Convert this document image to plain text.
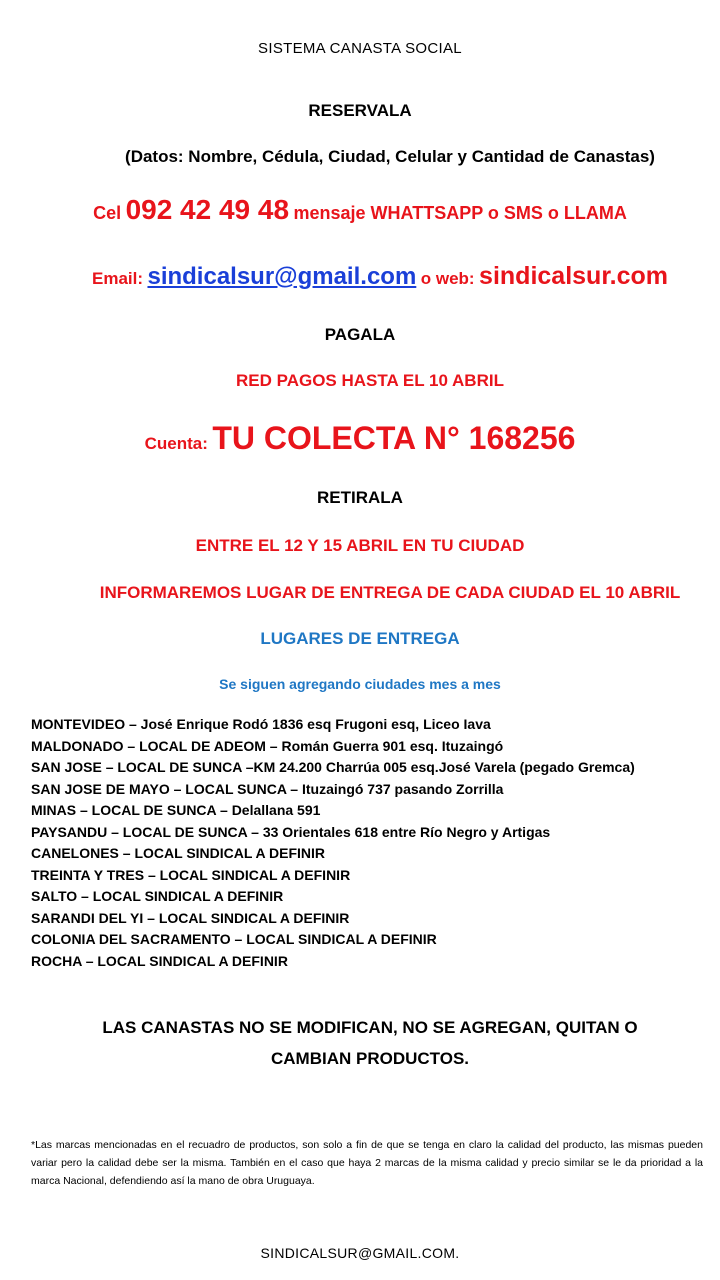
SISTEMA CANASTA SOCIAL
RESERVALA
(Datos: Nombre, Cédula, Ciudad, Celular y Cantidad de Canastas)
Cel 092 42 49 48 mensaje WHATTSAPP o SMS o LLAMA
Email: sindicalsur@gmail.com o web: sindicalsur.com
PAGALA
RED PAGOS HASTA EL 10 ABRIL
Cuenta: TU COLECTA N° 168256
RETIRALA
ENTRE EL 12 Y 15 ABRIL EN TU CIUDAD
INFORMAREMOS LUGAR DE ENTREGA DE CADA CIUDAD EL 10 ABRIL
LUGARES DE ENTREGA
Se siguen agregando ciudades mes a mes
MONTEVIDEO – José Enrique Rodó 1836 esq Frugoni esq, Liceo Iava
MALDONADO – LOCAL DE ADEOM – Román Guerra 901 esq. Ituzaingó
SAN JOSE – LOCAL DE SUNCA –KM 24.200 Charrúa 005 esq.José Varela (pegado Gremca)
SAN JOSE DE MAYO – LOCAL SUNCA – Ituzaingó 737 pasando Zorrilla
MINAS – LOCAL DE SUNCA – Delallana 591
PAYSANDU – LOCAL DE SUNCA – 33 Orientales 618 entre Río Negro y Artigas
CANELONES – LOCAL SINDICAL A DEFINIR
TREINTA Y TRES – LOCAL SINDICAL A DEFINIR
SALTO – LOCAL SINDICAL A DEFINIR
SARANDI DEL YI – LOCAL SINDICAL A DEFINIR
COLONIA DEL SACRAMENTO – LOCAL SINDICAL A DEFINIR
ROCHA – LOCAL SINDICAL A DEFINIR
LAS CANASTAS NO SE MODIFICAN, NO SE AGREGAN, QUITAN O CAMBIAN PRODUCTOS.
*Las marcas mencionadas en el recuadro de productos, son solo a fin de que se tenga en claro la calidad del producto, las mismas pueden variar pero la calidad debe ser la misma. También en el caso que haya 2 marcas de la misma calidad y precio similar se le da prioridad a la marca Nacional, defendiendo así la mano de obra Uruguaya.
SINDICALSUR@GMAIL.COM.
